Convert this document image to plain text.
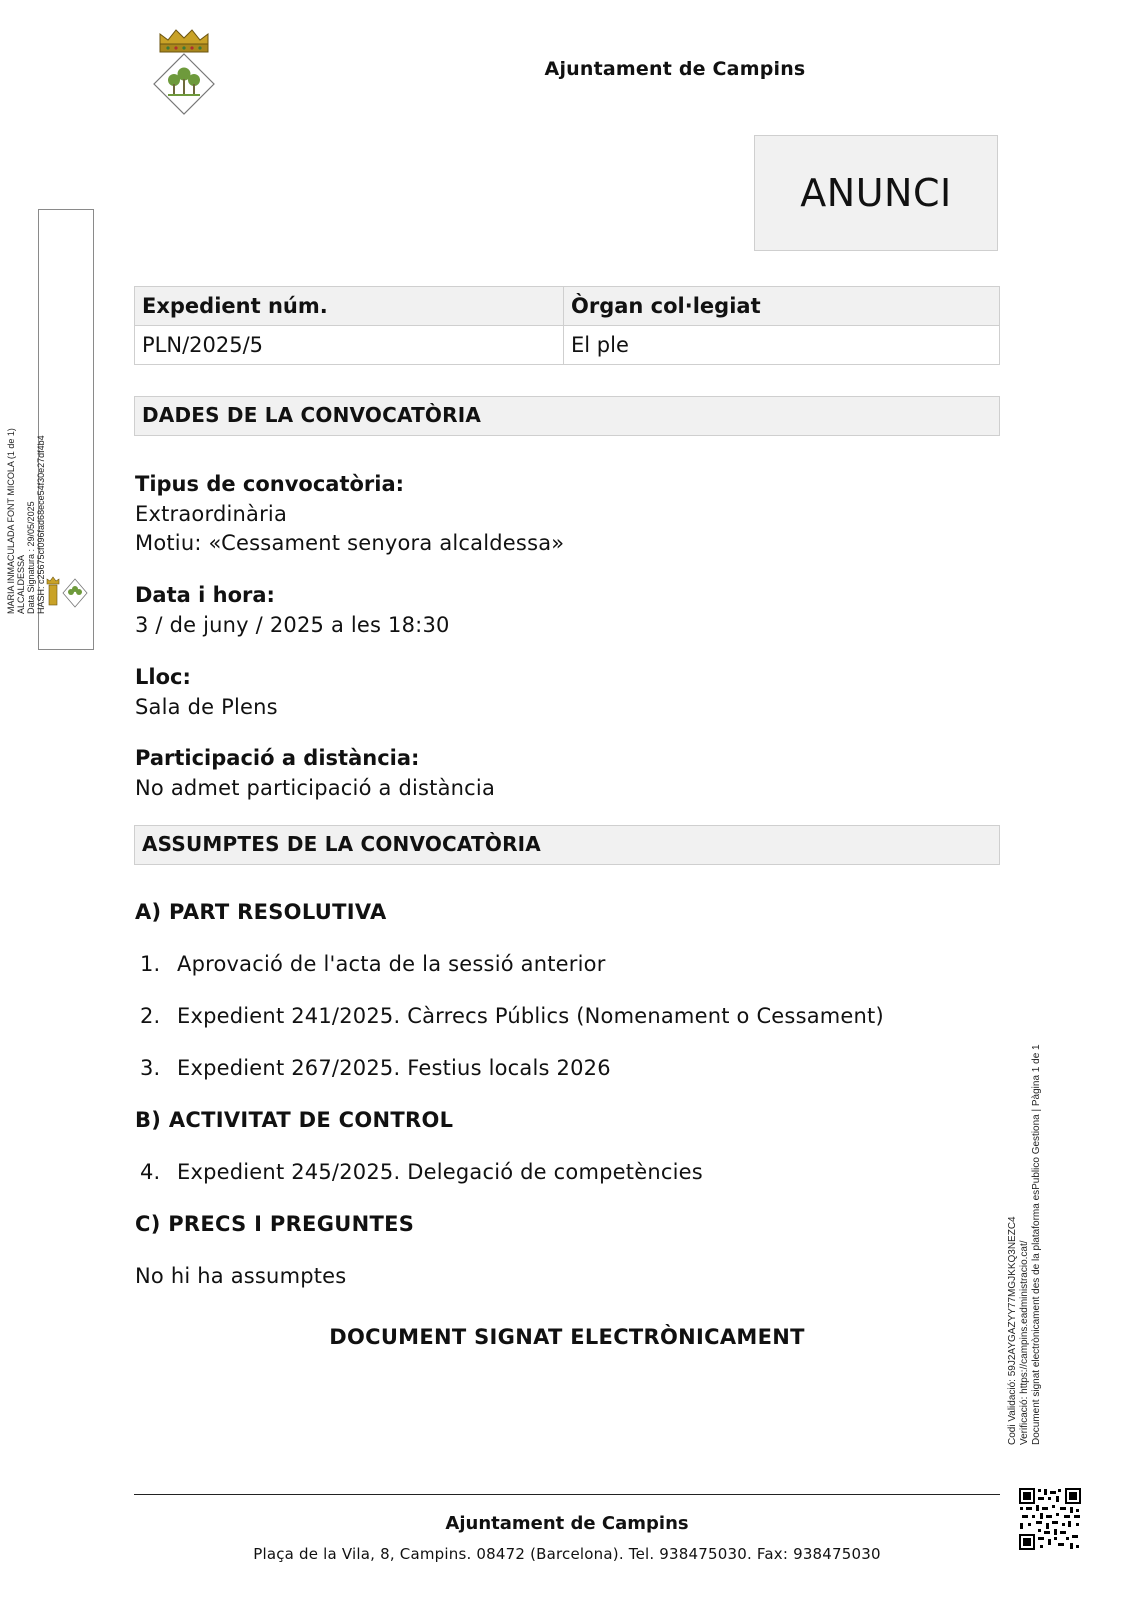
Ajuntament de Campins
ANUNCI
MARIA INMACULADA FONT MICOLA (1 de 1) ALCALDESSA Data Signatura : 29/05/2025 HASH: c25675cf096fad68ece54f30e27df4b4
Expedient núm.	Òrgan col·legiat
PLN/2025/5	El ple
DADES DE LA CONVOCATÒRIA
Tipus de convocatòria:
Extraordinària
Motiu: «Cessament senyora alcaldessa»
Data i hora:
3 / de juny / 2025 a les 18:30
Lloc:
Sala de Plens
Participació a distància:
No admet participació a distància
ASSUMPTES DE LA CONVOCATÒRIA
A) PART RESOLUTIVA
1. Aprovació de l'acta de la sessió anterior
2. Expedient 241/2025. Càrrecs Públics (Nomenament o Cessament)
3. Expedient 267/2025. Festius locals 2026
B) ACTIVITAT DE CONTROL
4. Expedient 245/2025. Delegació de competències
C) PRECS I PREGUNTES
No hi ha assumptes
DOCUMENT SIGNAT ELECTRÒNICAMENT	Codi Validació: 59J2AYGAZYY77MGJKKQ3NEZC4 Verificació: https://campins.eadministracio.cat/ Document signat electrònicament des de la plataforma esPublico Gestiona | Pàgina 1 de 1
Ajuntament de Campins
Plaça de la Vila, 8, Campins. 08472 (Barcelona). Tel. 938475030. Fax: 938475030
